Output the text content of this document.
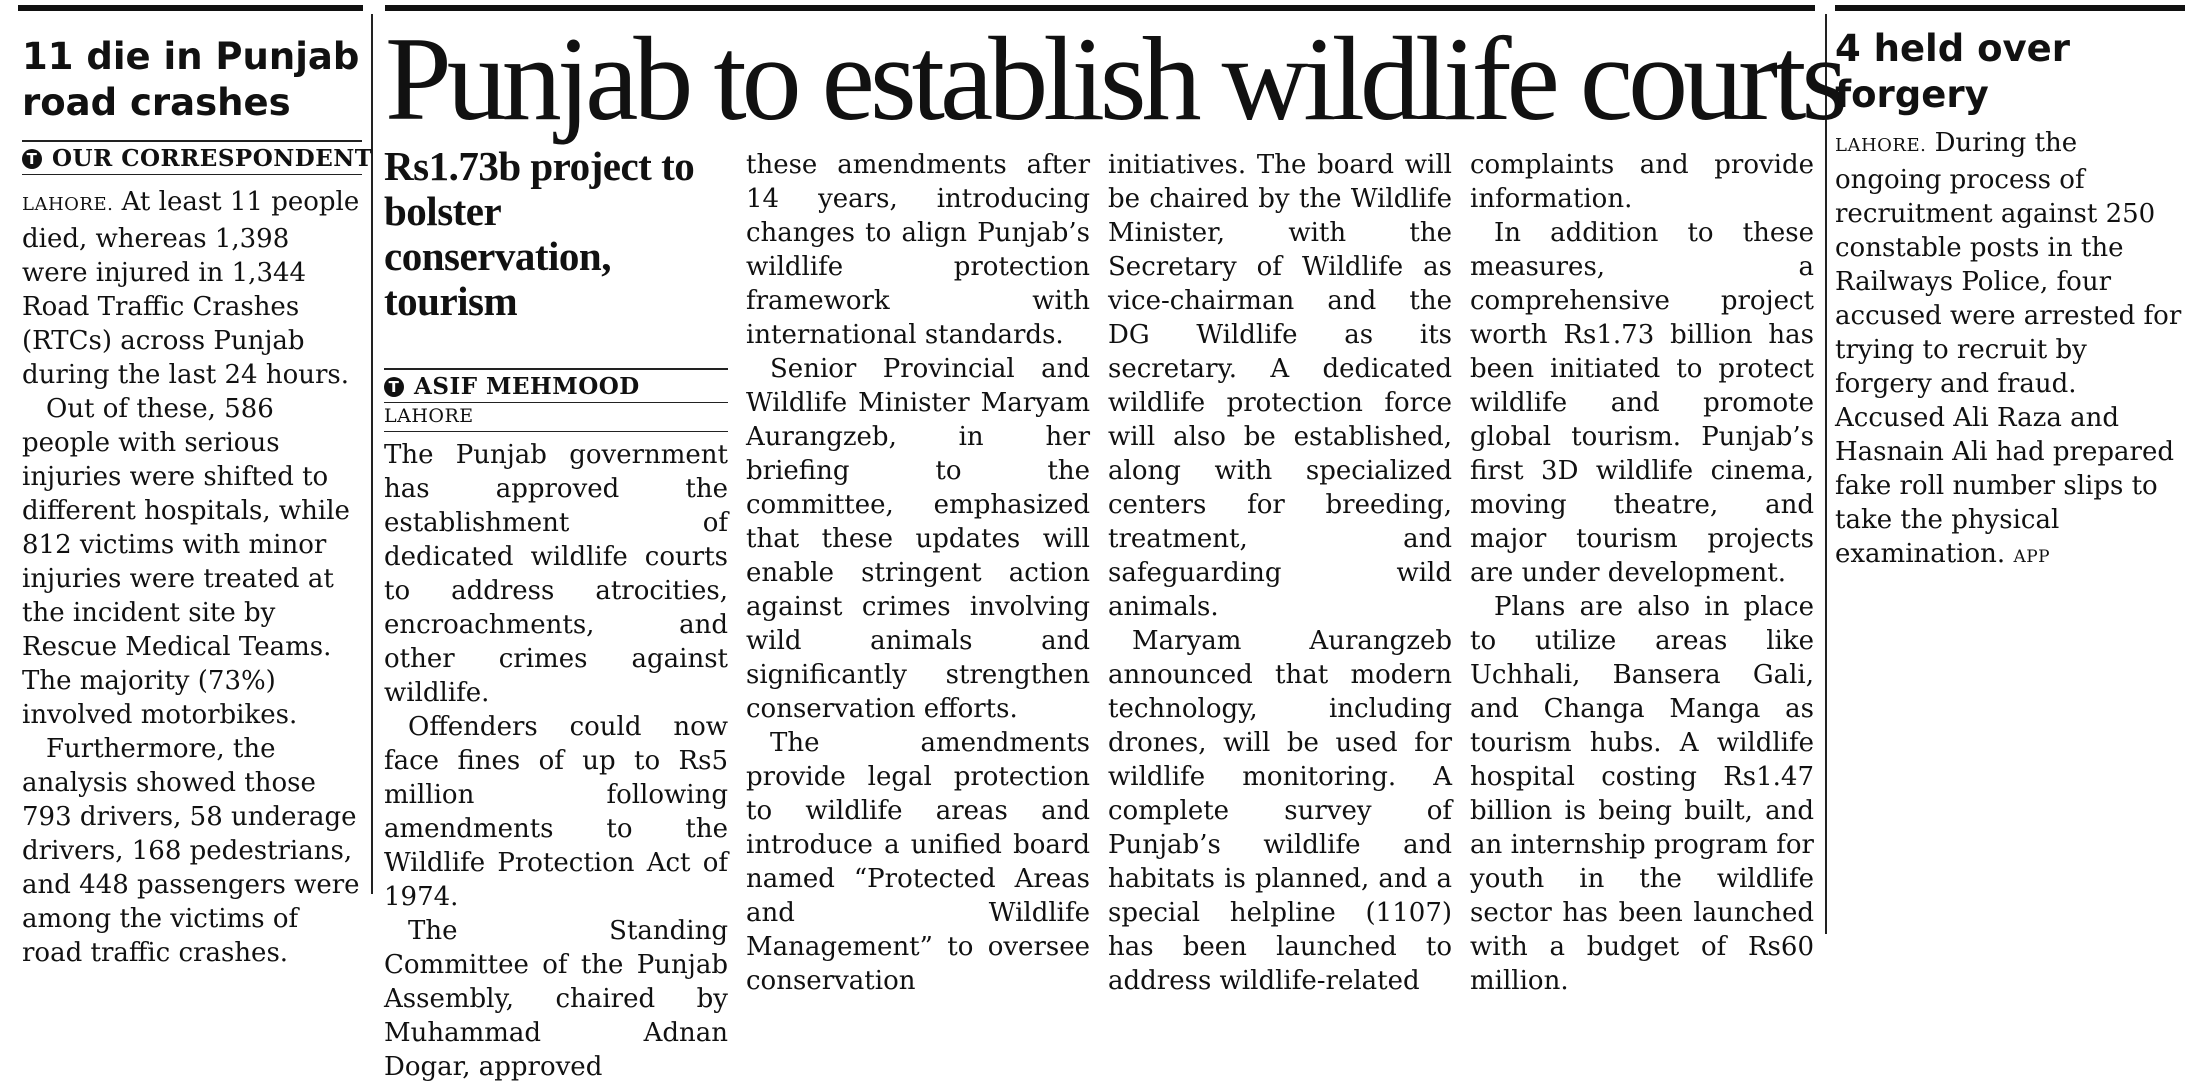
11 die in Punjab road crashes
T OUR CORRESPONDENT

LAHORE. At least 11 people died, whereas 1,398 were injured in 1,344 Road Traffic Crashes (RTCs) across Punjab during the last 24 hours.

Out of these, 586 people with serious injuries were shifted to different hospitals, while 812 victims with minor injuries were treated at the incident site by Rescue Medical Teams. The majority (73%) involved motorbikes.

Furthermore, the analysis showed those 793 drivers, 58 underage drivers, 168 pedestrians, and 448 passengers were among the victims of road traffic crashes.

Punjab to establish wildlife courts
Rs1.73b project to bolster conservation, tourism
T ASIF MEHMOOD
LAHORE

The Punjab government has approved the establishment of dedicated wildlife courts to address atrocities, encroachments, and other crimes against wildlife.

Offenders could now face fines of up to Rs5 million following amendments to the Wildlife Protection Act of 1974.

The Standing Committee of the Punjab Assembly, chaired by Muhammad Adnan Dogar, approved

these amendments after 14 years, introducing changes to align Punjab’s wildlife protection framework with international standards.

Senior Provincial and Wildlife Minister Maryam Aurangzeb, in her briefing to the committee, emphasized that these updates will enable stringent action against crimes involving wild animals and significantly strengthen conservation efforts.

The amendments provide legal protection to wildlife areas and introduce a unified board named “Protected Areas and Wildlife Management” to oversee conservation

initiatives. The board will be chaired by the Wildlife Minister, with the Secretary of Wildlife as vice-chairman and the DG Wildlife as its secretary. A dedicated wildlife protection force will also be established, along with specialized centers for breeding, treatment, and safeguarding wild animals.

Maryam Aurangzeb announced that modern technology, including drones, will be used for wildlife monitoring. A complete survey of Punjab’s wildlife and habitats is planned, and a special helpline (1107) has been launched to address wildlife-related

complaints and provide information.

In addition to these measures, a comprehensive project worth Rs1.73 billion has been initiated to protect wildlife and promote global tourism. Punjab’s first 3D wildlife cinema, moving theatre, and major tourism projects are under development.

Plans are also in place to utilize areas like Uchhali, Bansera Gali, and Changa Manga as tourism hubs. A wildlife hospital costing Rs1.47 billion is being built, and an internship program for youth in the wildlife sector has been launched with a budget of Rs60 million.

4 held over forgery

LAHORE. During the ongoing process of recruitment against 250 constable posts in the Railways Police, four accused were arrested for trying to recruit by forgery and fraud. Accused Ali Raza and Hasnain Ali had prepared fake roll number slips to take the physical examination. APP
